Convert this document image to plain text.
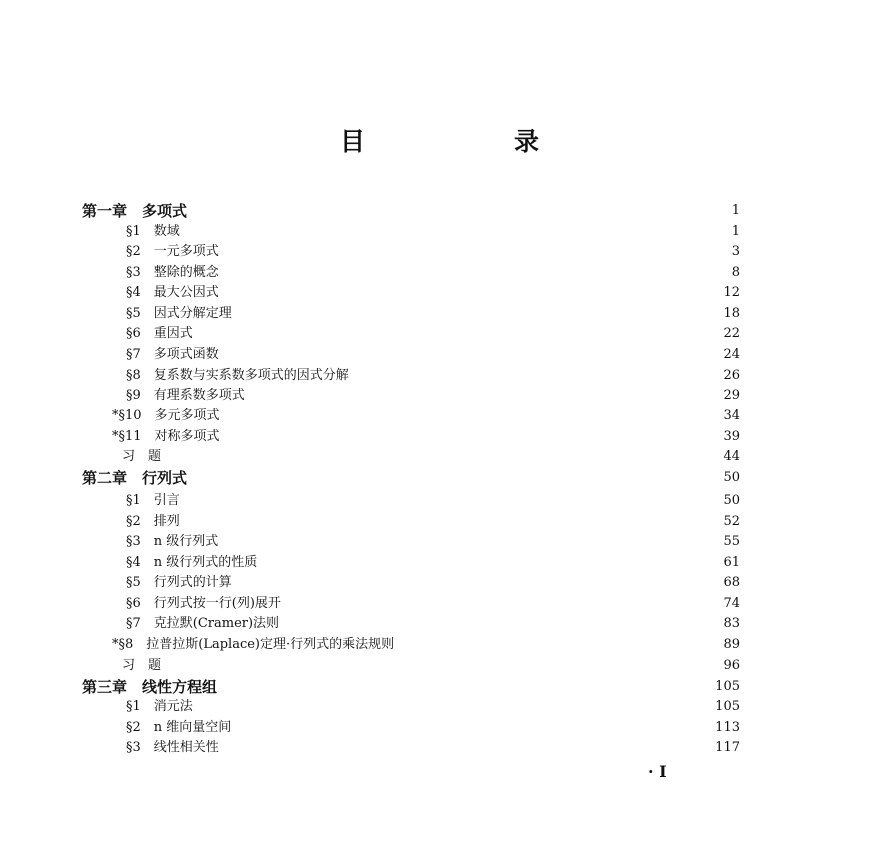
目　录
第一章　多项式	1
§1　数域	1
§2　一元多项式	3
§3　整除的概念	8
§4　最大公因式	12
§5　因式分解定理	18
§6　重因式	22
§7　多项式函数	24
§8　复系数与实系数多项式的因式分解	26
§9　有理系数多项式	29
*§10　多元多项式	34
*§11　对称多项式	39
习　题	44
第二章　行列式	50
§1　引言	50
§2　排列	52
§3　n 级行列式	55
§4　n 级行列式的性质	61
§5　行列式的计算	68
§6　行列式按一行(列)展开	74
§7　克拉默(Cramer)法则	83
*§8　拉普拉斯(Laplace)定理·行列式的乘法规则	89
习　题	96
第三章　线性方程组	105
§1　消元法	105
§2　n 维向量空间	113
§3　线性相关性	117
· I
